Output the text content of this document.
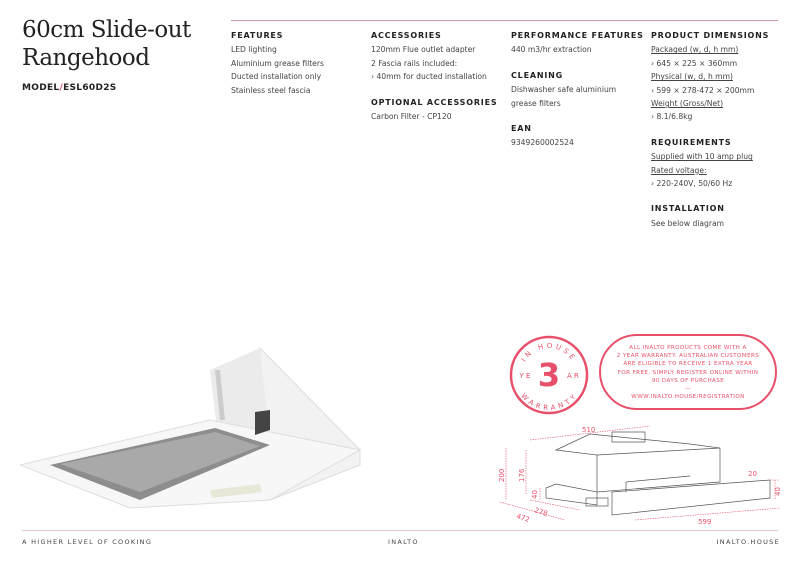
60cm Slide-out Rangehood
MODEL/ESL60D2S
FEATURES
LED lighting
Aluminium grease filters
Ducted installation only
Stainless steel fascia
ACCESSORIES
120mm Flue outlet adapter
2 Fascia rails included:
› 40mm for ducted installation
OPTIONAL ACCESSORIES
Carbon Filter - CP120
PERFORMANCE FEATURES
440 m3/hr extraction
CLEANING
Dishwasher safe aluminium
grease filters
EAN
9349260002524
PRODUCT DIMENSIONS
Packaged (w, d, h mm)
› 645 × 225 × 360mm
Physical (w, d, h mm)
› 599 × 278-472 × 200mm
Weight (Gross/Net)
› 8.1/6.8kg
REQUIREMENTS
Supplied with 10 amp plug
Rated voltage:
› 220-240V, 50/60 Hz
INSTALLATION
See below diagram
IN HOUSE
WARRANTY
3
Y E	A R
ALL INALTO PRODUCTS COME WITH A
2 YEAR WARRANTY. AUSTRALIAN CUSTOMERS
ARE ELIGIBLE TO RECEIVE 1 EXTRA YEAR
FOR FREE, SIMPLY REGISTER ONLINE WITHIN
90 DAYS OF PURCHASE
—
WWW.INALTO.HOUSE/REGISTRATION
510
200 176
40
278
472	599
20
40
A HIGHER LEVEL OF COOKING	INALTO	INALTO.HOUSE
